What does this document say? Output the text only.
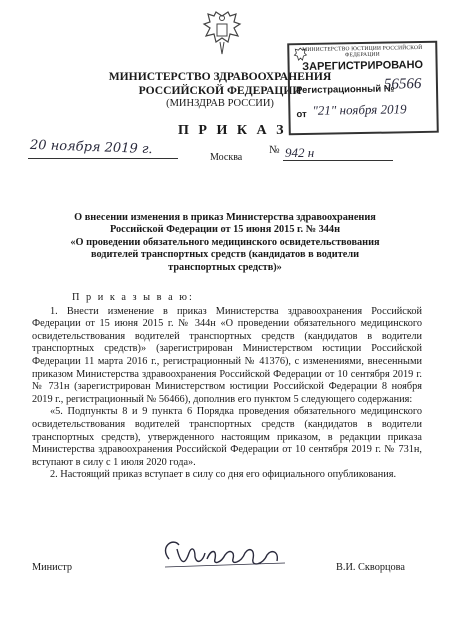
МИНИСТЕРСТВО ЗДРАВООХРАНЕНИЯ
РОССИЙСКОЙ ФЕДЕРАЦИИ
(МИНЗДРАВ РОССИИ)
П Р И К А З
20 ноября 2019 г.
Москва
№ 942 н
МИНИСТЕРСТВО ЮСТИЦИИ РОССИЙСКОЙ ФЕДЕРАЦИИ
ЗАРЕГИСТРИРОВАНО
Регистрационный №
56566
от "21" ноября 2019
О внесении изменения в приказ Министерства здравоохранения
Российской Федерации от 15 июня 2015 г. № 344н
«О проведении обязательного медицинского освидетельствования
водителей транспортных средств (кандидатов в водители
транспортных средств)»

П р и к а з ы в а ю:

1. Внести изменение в приказ Министерства здравоохранения Российской Федерации от 15 июня 2015 г. № 344н «О проведении обязательного медицинского освидетельствования водителей транспортных средств (кандидатов в водители транспортных средств)» (зарегистрирован Министерством юстиции Российской Федерации 11 марта 2016 г., регистрационный № 41376), с изменениями, внесенными приказом Министерства здравоохранения Российской Федерации от 10 сентября 2019 г. № 731н (зарегистрирован Министерством юстиции Российской Федерации 8 ноября 2019 г., регистрационный № 56466), дополнив его пунктом 5 следующего содержания:

«5. Подпункты 8 и 9 пункта 6 Порядка проведения обязательного медицинского освидетельствования водителей транспортных средств (кандидатов в водители транспортных средств), утвержденного настоящим приказом, в редакции приказа Министерства здравоохранения Российской Федерации от 10 сентября 2019 г. № 731н, вступают в силу с 1 июля 2020 года».

2. Настоящий приказ вступает в силу со дня его официального опубликования.

Министр	В.И. Скворцова
